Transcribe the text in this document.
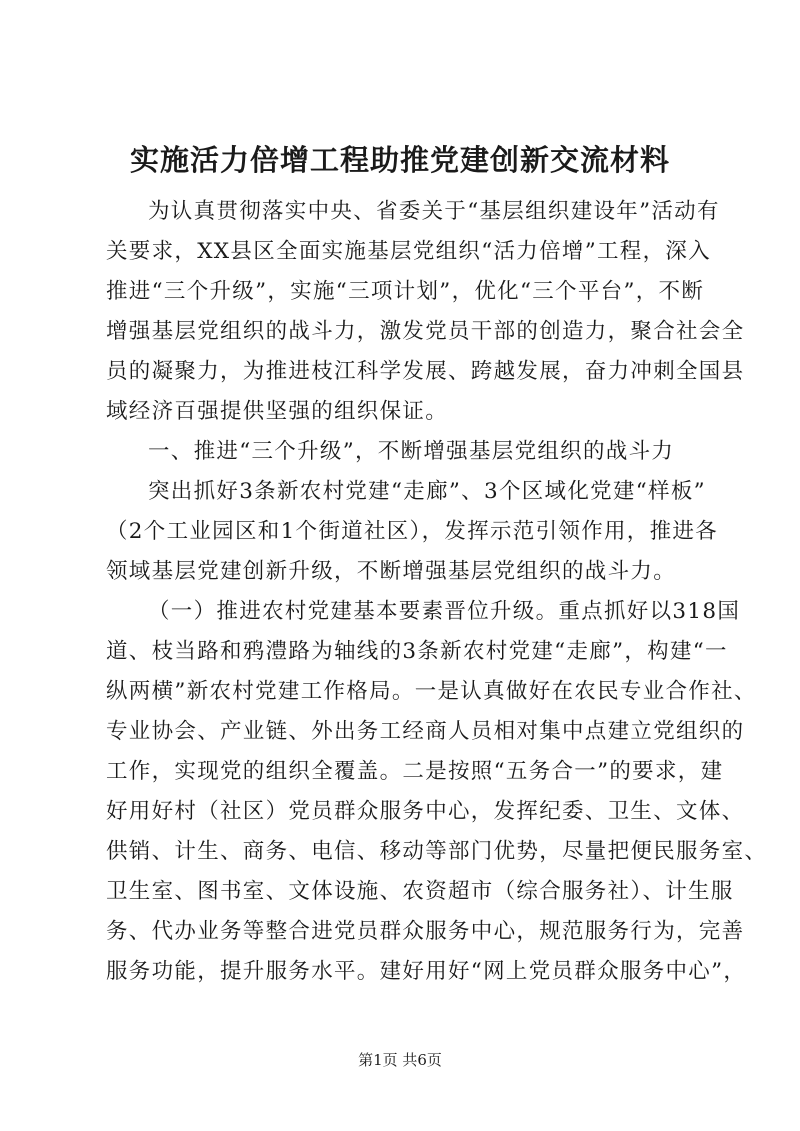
实施活力倍增工程助推党建创新交流材料
为认真贯彻落实中央、省委关于“基层组织建设年”活动有
关要求，XX县区全面实施基层党组织“活力倍增”工程，深入
推进“三个升级”，实施“三项计划”，优化“三个平台”，不断
增强基层党组织的战斗力，激发党员干部的创造力，聚合社会全
员的凝聚力，为推进枝江科学发展、跨越发展，奋力冲刺全国县
域经济百强提供坚强的组织保证。
一、推进“三个升级”，不断增强基层党组织的战斗力
突出抓好3条新农村党建“走廊”、3个区域化党建“样板”
（2个工业园区和1个街道社区），发挥示范引领作用，推进各
领域基层党建创新升级，不断增强基层党组织的战斗力。
（一）推进农村党建基本要素晋位升级。重点抓好以318国
道、枝当路和鸦澧路为轴线的3条新农村党建“走廊”，构建“一
纵两横”新农村党建工作格局。一是认真做好在农民专业合作社、
专业协会、产业链、外出务工经商人员相对集中点建立党组织的
工作，实现党的组织全覆盖。二是按照“五务合一”的要求，建
好用好村（社区）党员群众服务中心，发挥纪委、卫生、文体、
供销、计生、商务、电信、移动等部门优势，尽量把便民服务室、
卫生室、图书室、文体设施、农资超市（综合服务社）、计生服
务、代办业务等整合进党员群众服务中心，规范服务行为，完善
服务功能，提升服务水平。建好用好“网上党员群众服务中心”，
第1页 共6页
